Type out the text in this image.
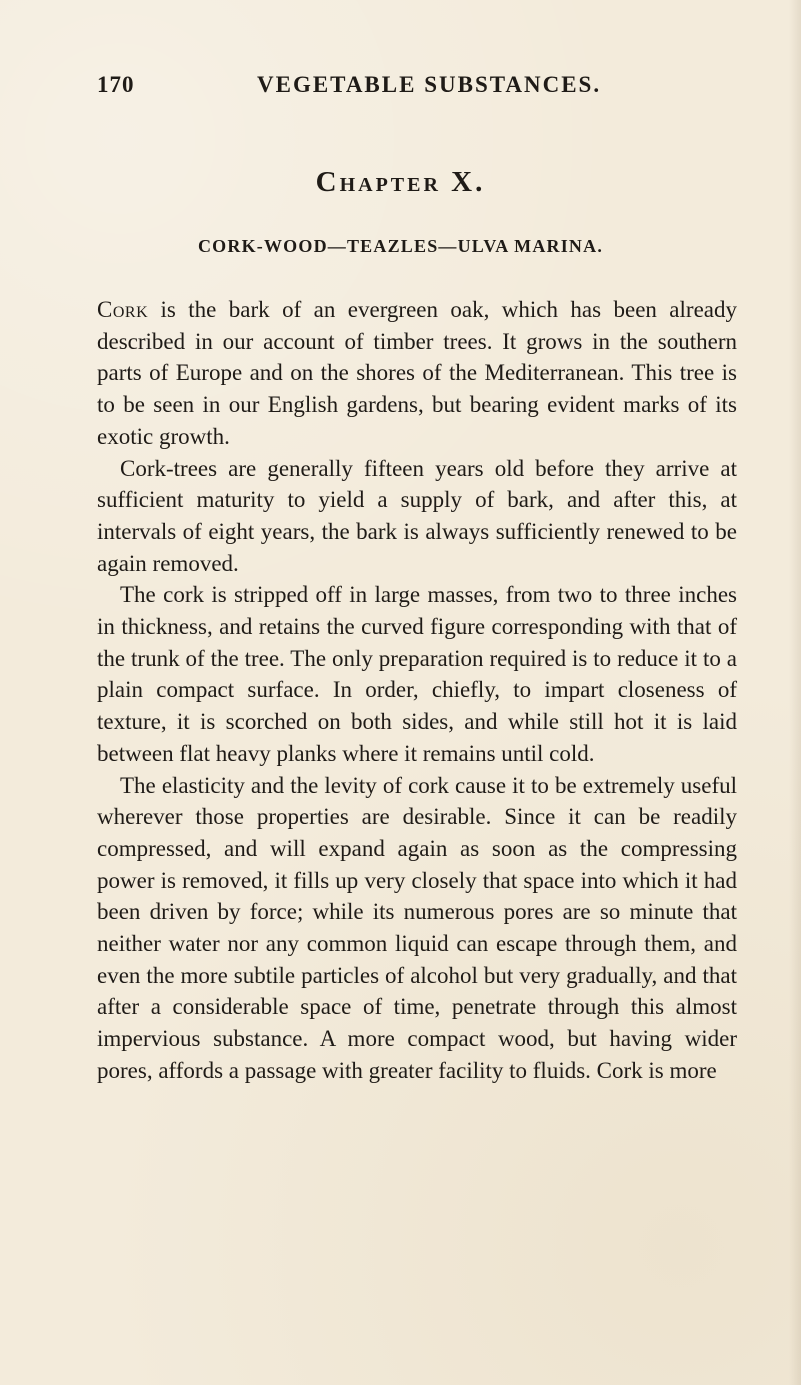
170	VEGETABLE SUBSTANCES.
Chapter X.
CORK-WOOD—TEAZLES—ULVA MARINA.

Cork is the bark of an evergreen oak, which has been already described in our account of timber trees. It grows in the southern parts of Europe and on the shores of the Mediterranean. This tree is to be seen in our English gardens, but bearing evident marks of its exotic growth.

Cork-trees are generally fifteen years old before they arrive at sufficient maturity to yield a supply of bark, and after this, at intervals of eight years, the bark is always sufficiently renewed to be again removed.

The cork is stripped off in large masses, from two to three inches in thickness, and retains the curved figure corresponding with that of the trunk of the tree. The only preparation required is to reduce it to a plain compact surface. In order, chiefly, to impart closeness of texture, it is scorched on both sides, and while still hot it is laid between flat heavy planks where it remains until cold.

The elasticity and the levity of cork cause it to be extremely useful wherever those properties are desirable. Since it can be readily compressed, and will expand again as soon as the compressing power is removed, it fills up very closely that space into which it had been driven by force; while its numerous pores are so minute that neither water nor any common liquid can escape through them, and even the more subtile particles of alcohol but very gradually, and that after a considerable space of time, penetrate through this almost impervious substance. A more compact wood, but having wider pores, affords a passage with greater facility to fluids. Cork is more
